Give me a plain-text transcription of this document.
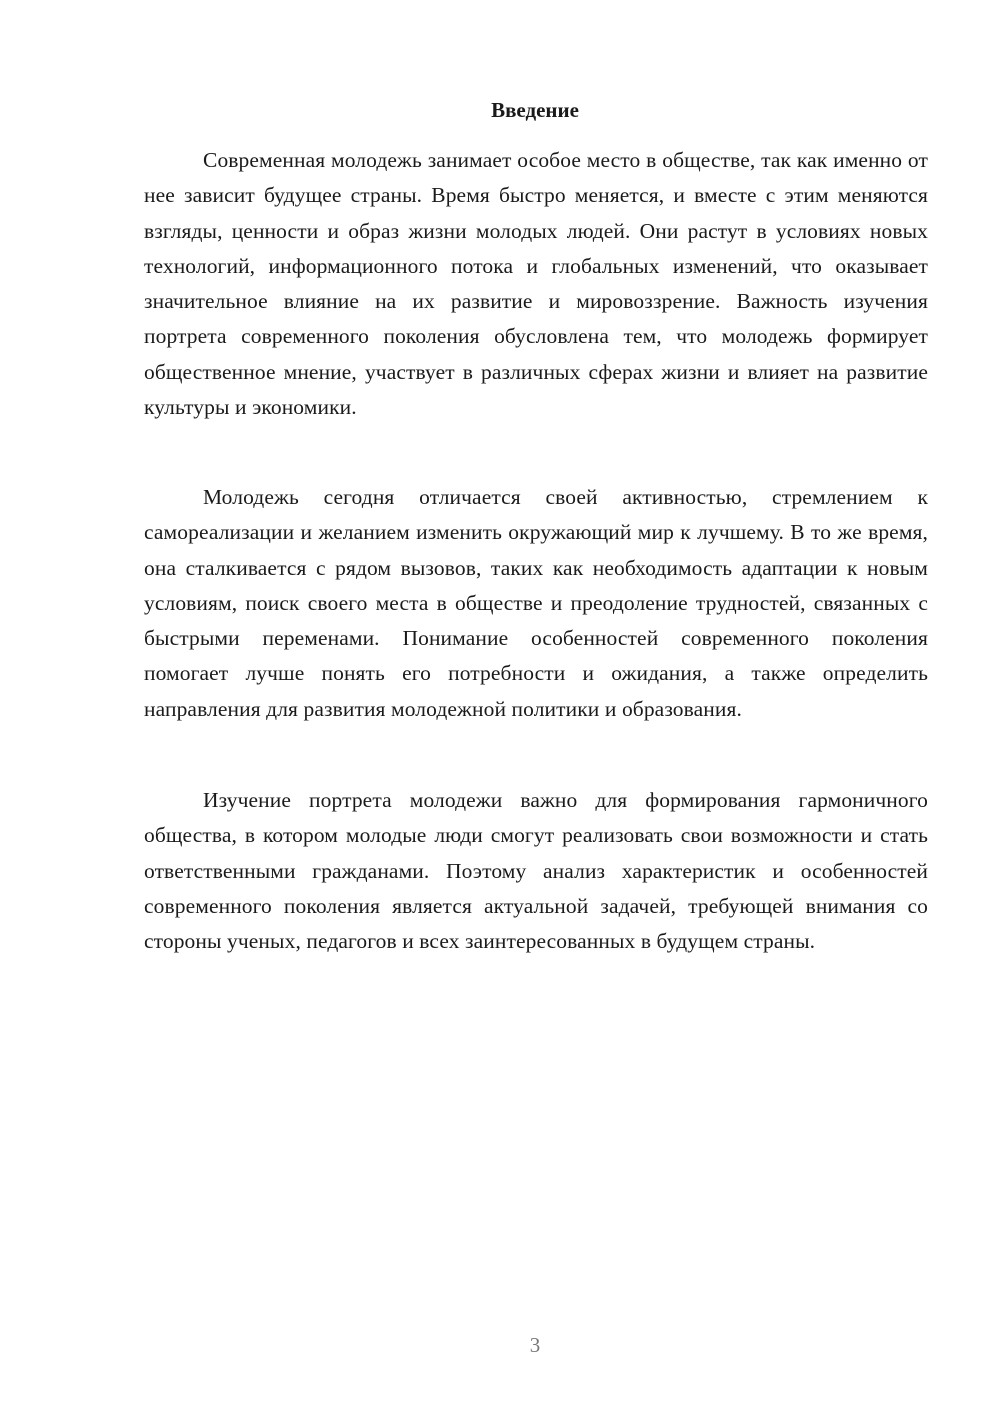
Введение

Современная молодежь занимает особое место в обществе, так как именно от нее зависит будущее страны. Время быстро меняется, и вместе с этим меняются взгляды, ценности и образ жизни молодых людей. Они растут в условиях новых технологий, информационного потока и глобальных изменений, что оказывает значительное влияние на их развитие и мировоззрение. Важность изучения портрета современного поколения обусловлена тем, что молодежь формирует общественное мнение, участвует в различных сферах жизни и влияет на развитие культуры и экономики.

Молодежь сегодня отличается своей активностью, стремлением к самореализации и желанием изменить окружающий мир к лучшему. В то же время, она сталкивается с рядом вызовов, таких как необходимость адаптации к новым условиям, поиск своего места в обществе и преодоление трудностей, связанных с быстрыми переменами. Понимание особенностей современного поколения помогает лучше понять его потребности и ожидания, а также определить направления для развития молодежной политики и образования.

Изучение портрета молодежи важно для формирования гармоничного общества, в котором молодые люди смогут реализовать свои возможности и стать ответственными гражданами. Поэтому анализ характеристик и особенностей современного поколения является актуальной задачей, требующей внимания со стороны ученых, педагогов и всех заинтересованных в будущем страны.

3
